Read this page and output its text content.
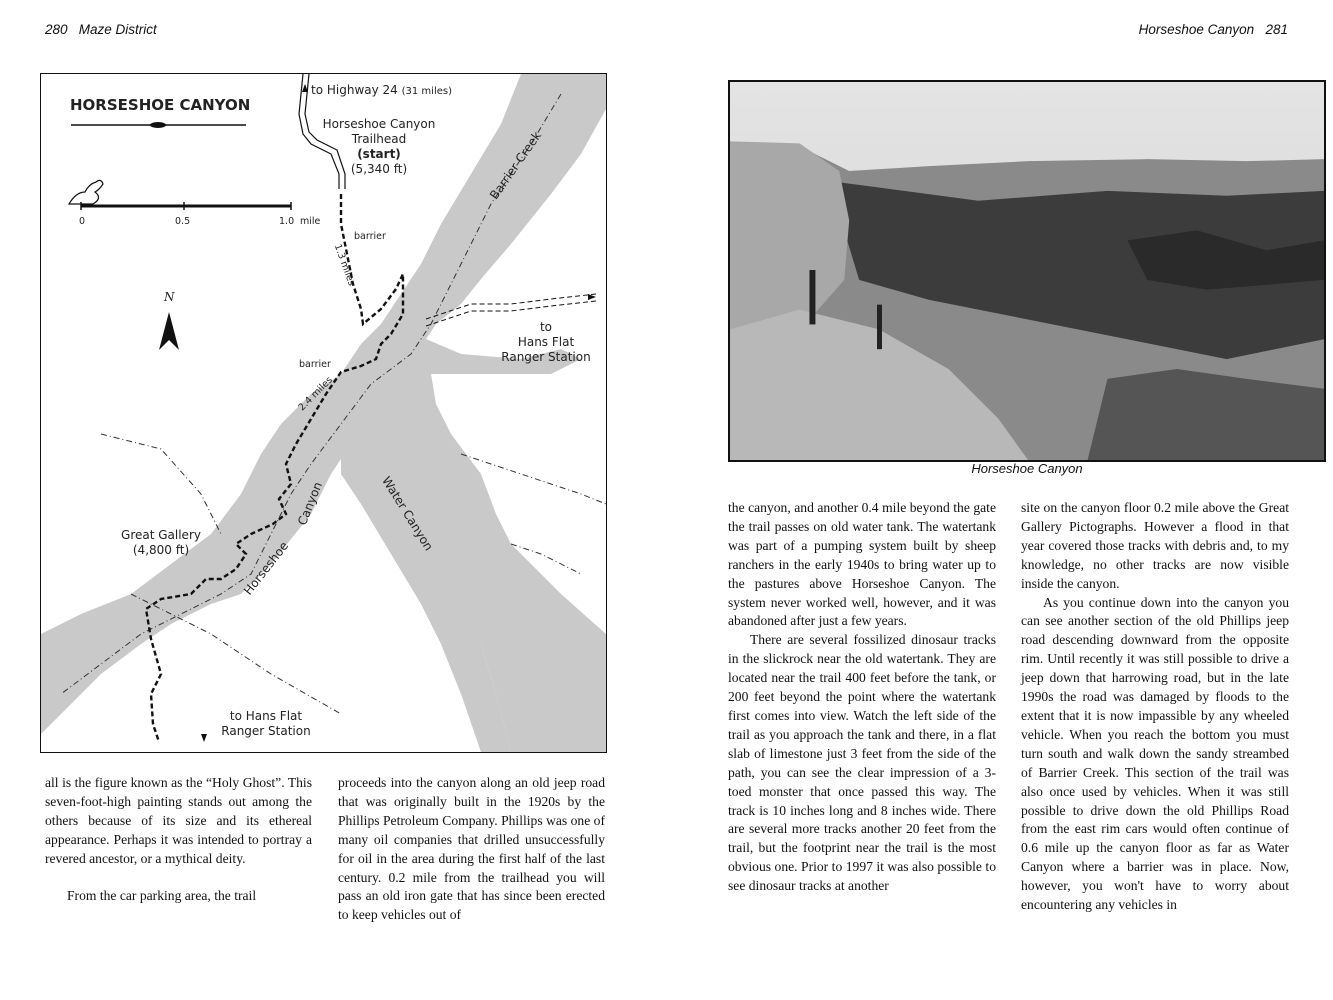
280 Maze District
HORSESHOE CANYON
0	0.5	1.0 mile
N
to Highway 24 (31 miles)
Horseshoe Canyon
Trailhead
(start)
(5,340 ft)	Barrier Creek
barrier
1.3 miles
to
Hans Flat
Ranger Station
barrier
2.4 miles
Water Canyon
Canyon
Horseshoe
Great Gallery
(4,800 ft)
to Hans Flat
Ranger Station

all is the figure known as the “Holy Ghost”. This seven-foot-high painting stands out among the others because of its size and its ethereal appearance. Perhaps it was intended to portray a revered ancestor, or a mythical deity.

From the car parking area, the trail

proceeds into the canyon along an old jeep road that was originally built in the 1920s by the Phillips Petroleum Company. Phillips was one of many oil companies that drilled unsuccessfully for oil in the area during the first half of the last century. 0.2 mile from the trailhead you will pass an old iron gate that has since been erected to keep vehicles out of

Horseshoe Canyon 281
Horseshoe Canyon

the canyon, and another 0.4 mile beyond the gate the trail passes on old water tank. The watertank was part of a pumping system built by sheep ranchers in the early 1940s to bring water up to the pastures above Horseshoe Canyon. The system never worked well, however, and it was abandoned after just a few years.

There are several fossilized dinosaur tracks in the slickrock near the old watertank. They are located near the trail 400 feet before the tank, or 200 feet beyond the point where the watertank first comes into view. Watch the left side of the trail as you approach the tank and there, in a flat slab of limestone just 3 feet from the side of the path, you can see the clear impression of a 3-toed monster that once passed this way. The track is 10 inches long and 8 inches wide. There are several more tracks another 20 feet from the trail, but the footprint near the trail is the most obvious one. Prior to 1997 it was also possible to see dinosaur tracks at another

site on the canyon floor 0.2 mile above the Great Gallery Pictographs. However a flood in that year covered those tracks with debris and, to my knowledge, no other tracks are now visible inside the canyon.

As you continue down into the canyon you can see another section of the old Phillips jeep road descending downward from the opposite rim. Until recently it was still possible to drive a jeep down that harrowing road, but in the late 1990s the road was damaged by floods to the extent that it is now impassible by any wheeled vehicle. When you reach the bottom you must turn south and walk down the sandy streambed of Barrier Creek. This section of the trail was also once used by vehicles. When it was still possible to drive down the old Phillips Road from the east rim cars would often continue of 0.6 mile up the canyon floor as far as Water Canyon where a barrier was in place. Now, however, you won't have to worry about encountering any vehicles in
